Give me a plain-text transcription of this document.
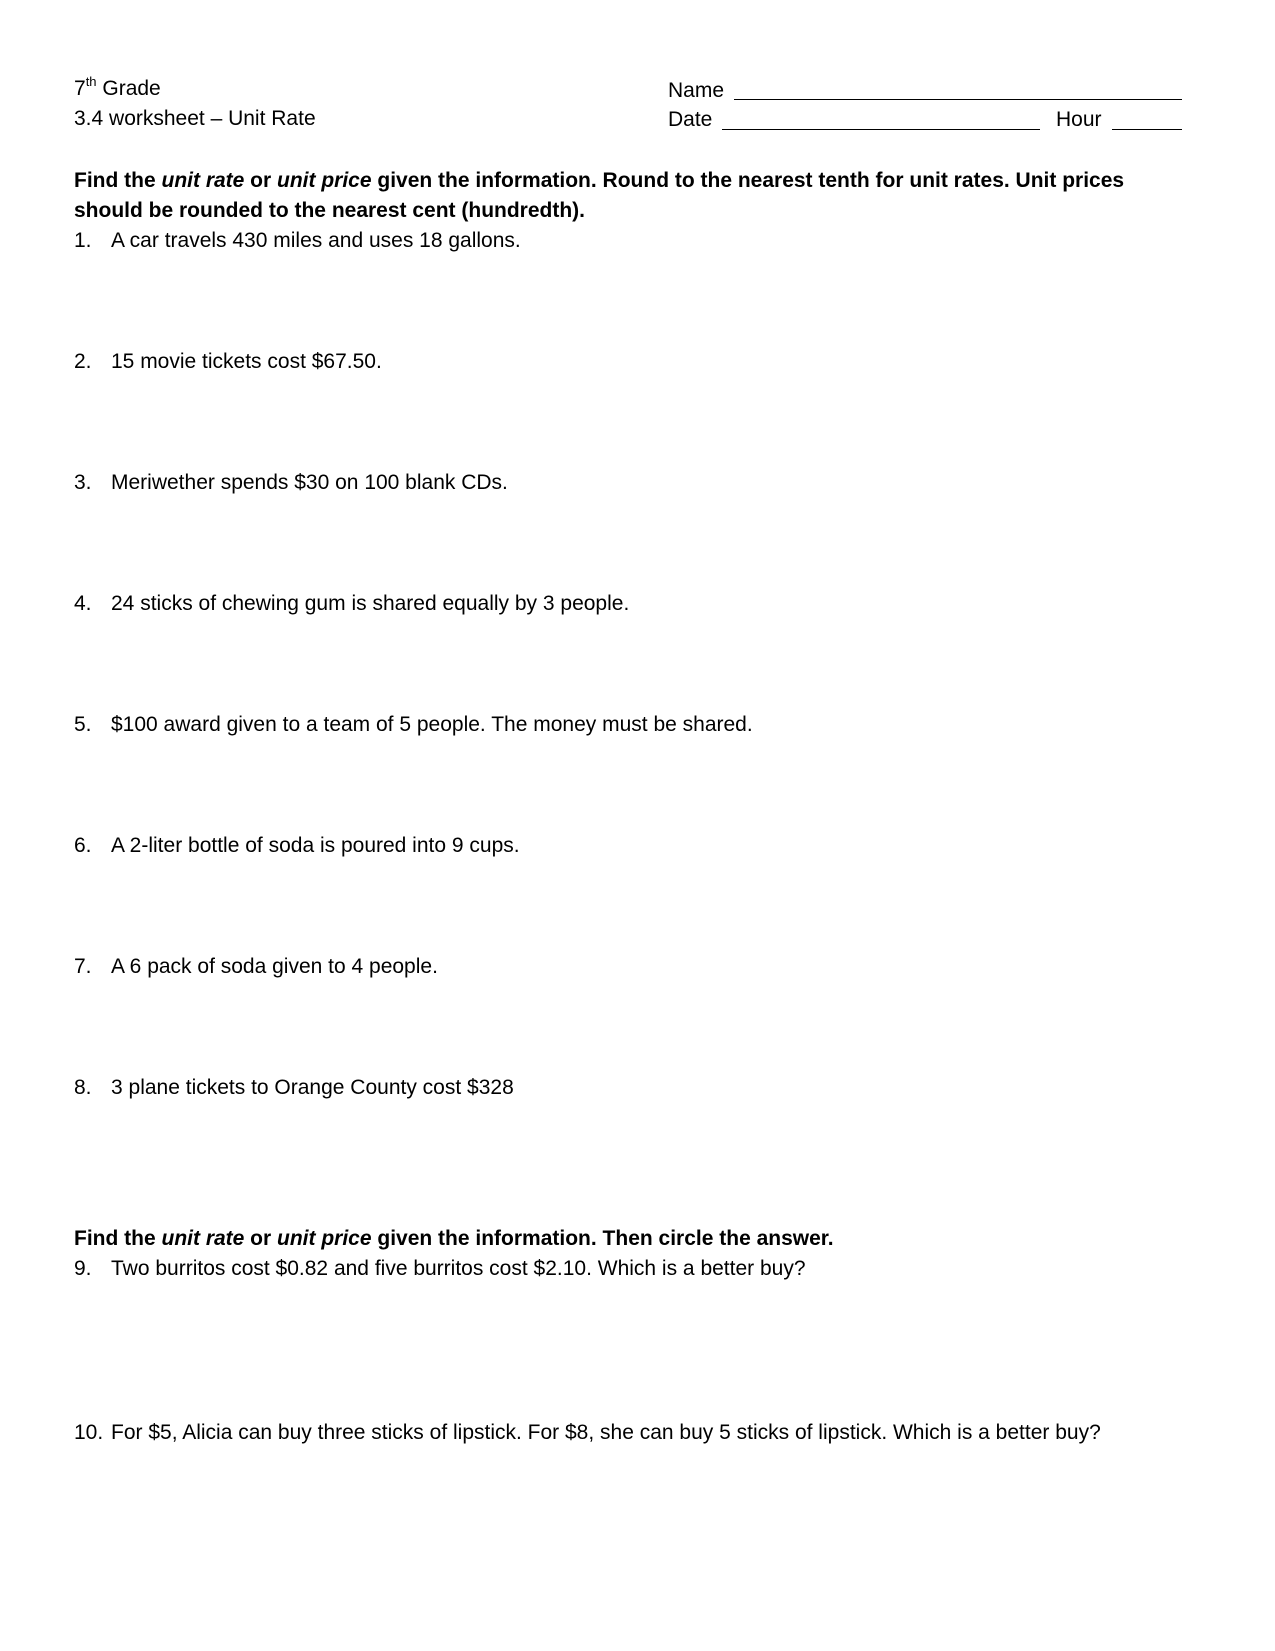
7th Grade
3.4 worksheet – Unit Rate
Name
Date	Hour
Find the unit rate or unit price given the information. Round to the nearest tenth for unit rates. Unit prices
should be rounded to the nearest cent (hundredth).
1. A car travels 430 miles and uses 18 gallons.
2. 15 movie tickets cost $67.50.
3. Meriwether spends $30 on 100 blank CDs.
4. 24 sticks of chewing gum is shared equally by 3 people.
5. $100 award given to a team of 5 people. The money must be shared.
6. A 2-liter bottle of soda is poured into 9 cups.
7. A 6 pack of soda given to 4 people.
8. 3 plane tickets to Orange County cost $328
Find the unit rate or unit price given the information. Then circle the answer.
9. Two burritos cost $0.82 and five burritos cost $2.10. Which is a better buy?
10. For $5, Alicia can buy three sticks of lipstick. For $8, she can buy 5 sticks of lipstick. Which is a better buy?
